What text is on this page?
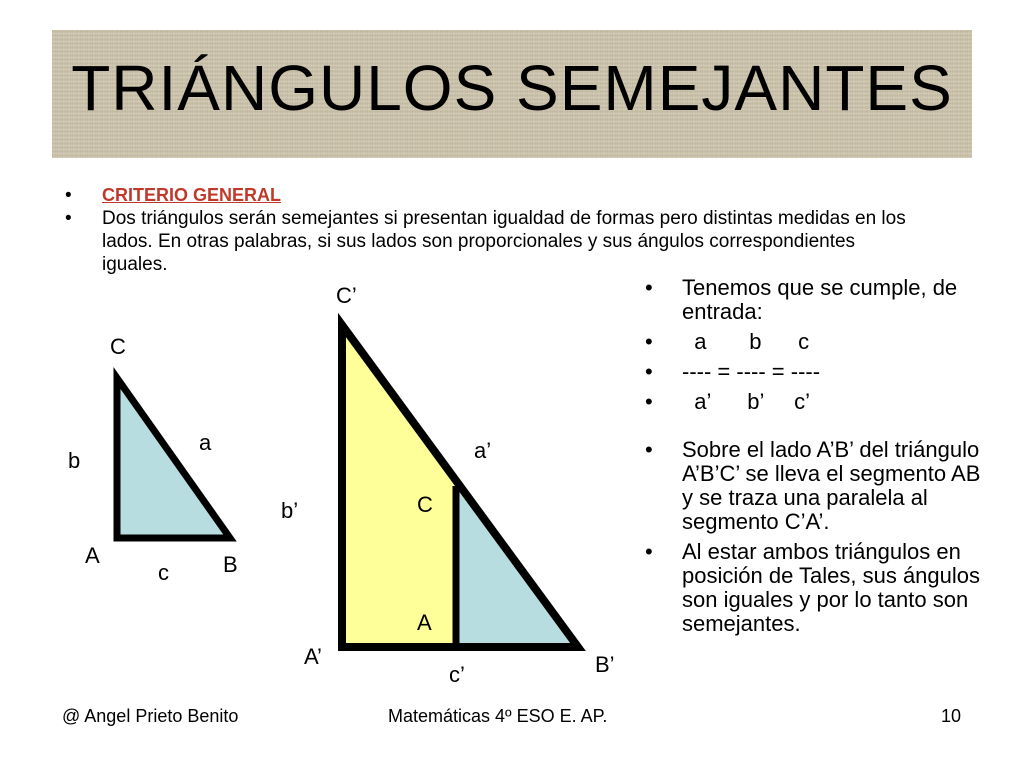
TRIÁNGULOS SEMEJANTES
• CRITERIO GENERAL
• Dos triángulos serán semejantes si presentan igualdad de formas pero distintas medidas en los lados. En otras palabras, si sus lados son proporcionales y sus ángulos correspondientes iguales.
C
A	B
a
b
c
C’
A’	B’
a’
b’
c’
C
A
• Tenemos que se cumple, de entrada:
• a       b      c
• ---- = ---- = ----
• a’      b’     c’
• Sobre el lado A’B’ del triángulo A’B’C’ se lleva el segmento AB y se traza una paralela al segmento C’A’.
• Al estar ambos triángulos en posición de Tales, sus ángulos son iguales y por lo tanto son semejantes.
@ Angel Prieto Benito	Matemáticas 4º ESO E. AP.	10
